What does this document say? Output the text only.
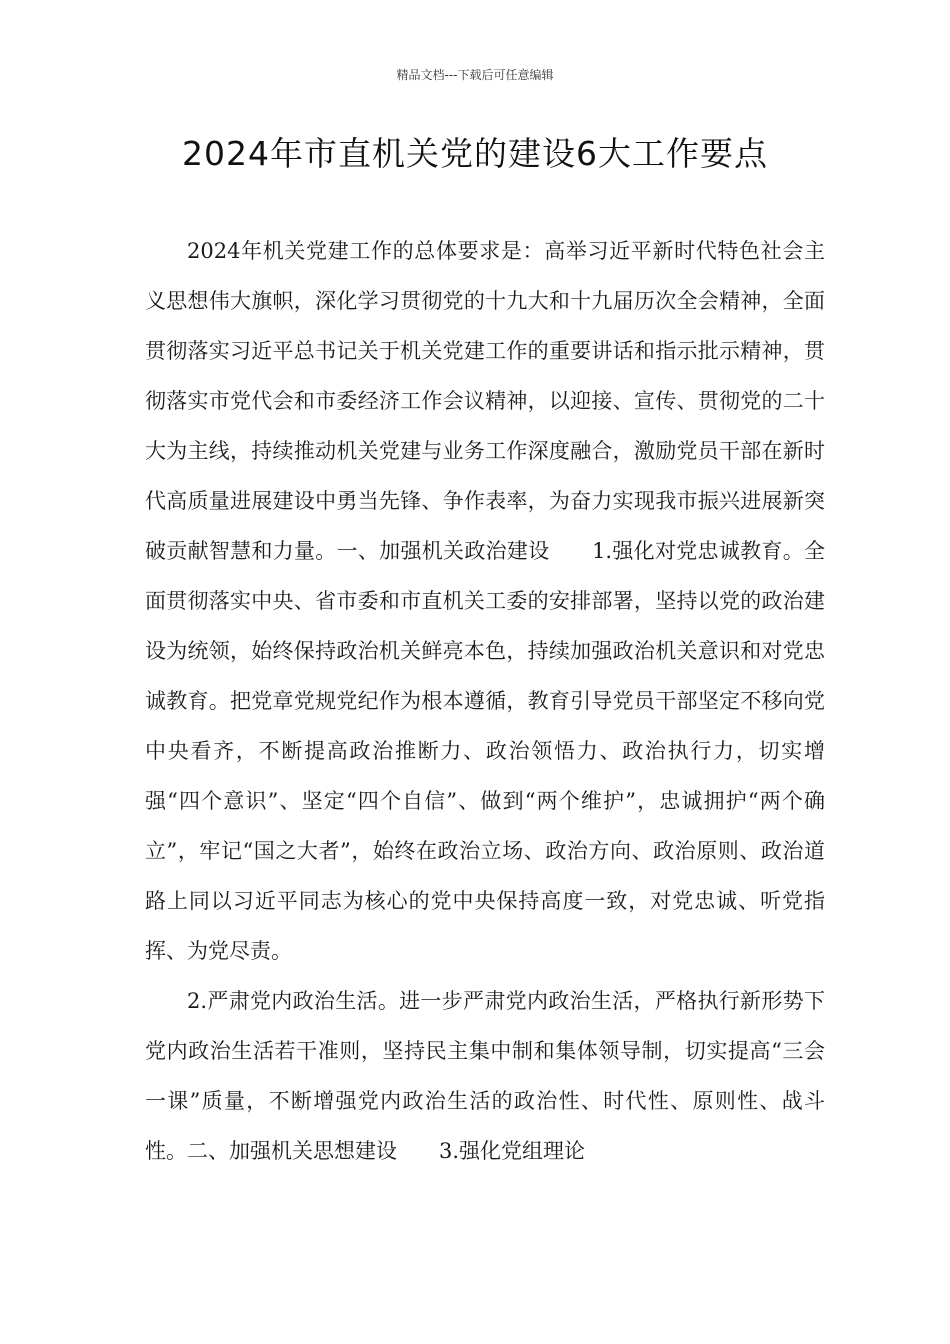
精品文档---下载后可任意编辑
2024年市直机关党的建设6大工作要点

2024年机关党建工作的总体要求是：高举习近平新时代特色社会主义思想伟大旗帜，深化学习贯彻党的十九大和十九届历次全会精神，全面贯彻落实习近平总书记关于机关党建工作的重要讲话和指示批示精神，贯彻落实市党代会和市委经济工作会议精神，以迎接、宣传、贯彻党的二十大为主线，持续推动机关党建与业务工作深度融合，激励党员干部在新时代高质量进展建设中勇当先锋、争作表率，为奋力实现我市振兴进展新突破贡献智慧和力量。一、加强机关政治建设　　1.强化对党忠诚教育。全面贯彻落实中央、省市委和市直机关工委的安排部署，坚持以党的政治建设为统领，始终保持政治机关鲜亮本色，持续加强政治机关意识和对党忠诚教育。把党章党规党纪作为根本遵循，教育引导党员干部坚定不移向党中央看齐，不断提高政治推断力、政治领悟力、政治执行力，切实增强“四个意识”、坚定“四个自信”、做到“两个维护”，忠诚拥护“两个确立”，牢记“国之大者”，始终在政治立场、政治方向、政治原则、政治道路上同以习近平同志为核心的党中央保持高度一致，对党忠诚、听党指挥、为党尽责。

2.严肃党内政治生活。进一步严肃党内政治生活，严格执行新形势下党内政治生活若干准则，坚持民主集中制和集体领导制，切实提高“三会一课”质量，不断增强党内政治生活的政治性、时代性、原则性、战斗性。二、加强机关思想建设　　3.强化党组理论
